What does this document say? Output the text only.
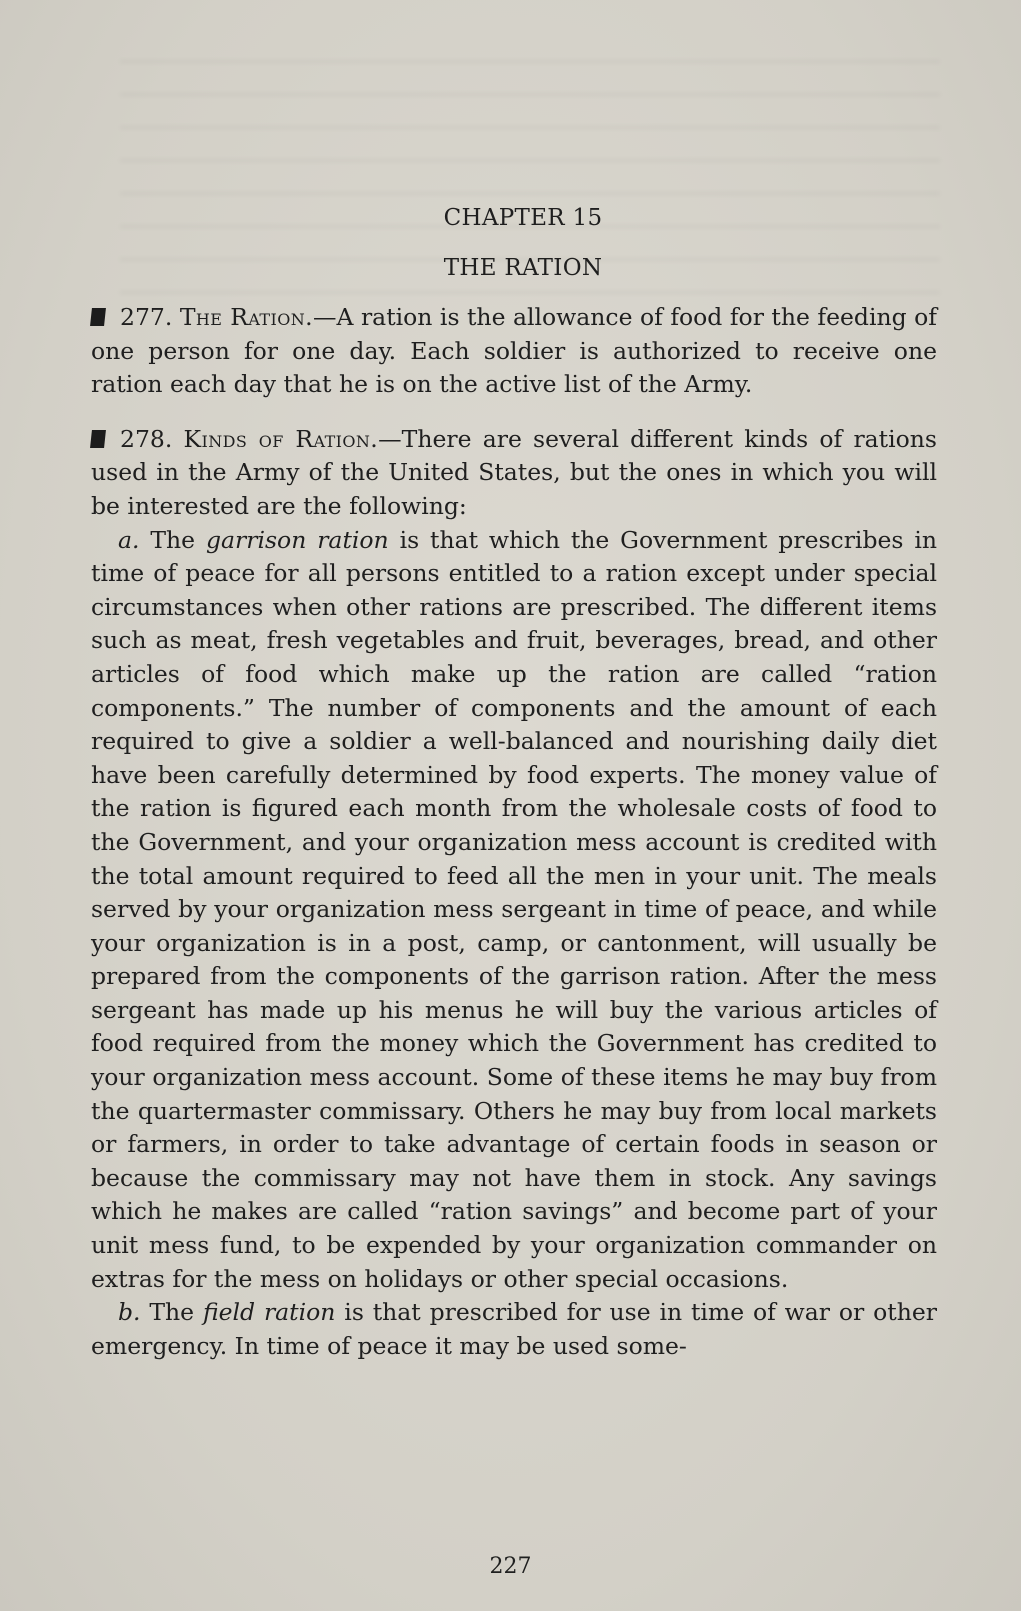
CHAPTER 15
THE RATION

277. The Ration.—A ration is the allowance of food for the feeding of one person for one day. Each soldier is authorized to receive one ration each day that he is on the active list of the Army.

278. Kinds of Ration.—There are several different kinds of rations used in the Army of the United States, but the ones in which you will be interested are the following:

a. The garrison ration is that which the Government prescribes in time of peace for all persons entitled to a ration except under special circumstances when other rations are prescribed. The different items such as meat, fresh vegetables and fruit, beverages, bread, and other articles of food which make up the ration are called “ration components.” The number of components and the amount of each required to give a soldier a well-balanced and nourishing daily diet have been carefully determined by food experts. The money value of the ration is figured each month from the wholesale costs of food to the Government, and your organization mess account is credited with the total amount required to feed all the men in your unit. The meals served by your organization mess sergeant in time of peace, and while your organization is in a post, camp, or cantonment, will usually be prepared from the components of the garrison ration. After the mess sergeant has made up his menus he will buy the various articles of food required from the money which the Government has credited to your organization mess account. Some of these items he may buy from the quartermaster commissary. Others he may buy from local markets or farmers, in order to take advantage of certain foods in season or because the commissary may not have them in stock. Any savings which he makes are called “ration savings” and become part of your unit mess fund, to be expended by your organization commander on extras for the mess on holidays or other special occasions.

b. The field ration is that prescribed for use in time of war or other emergency. In time of peace it may be used some-

227
